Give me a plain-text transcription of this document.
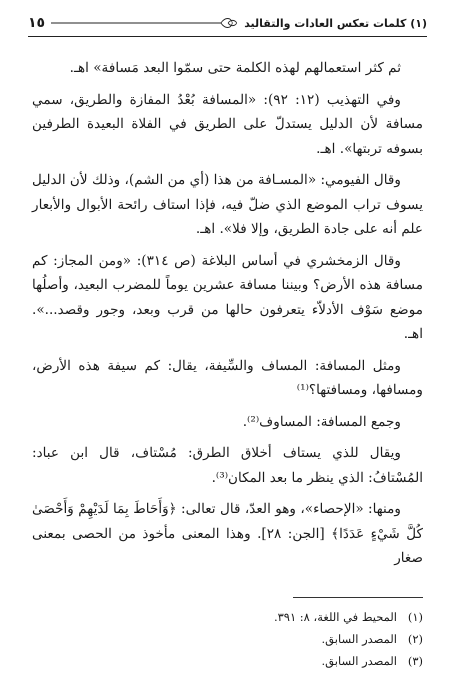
(١) كلمات تعكس العادات والتقاليد
١٥

ثم كثر استعمالهم لهذه الكلمة حتى سمّوا البعد مَسافة» اهـ.

وفي التهذيب (١٢: ٩٢): «المسافة بُعْدُ المفازة والطريق، سمي مسافة لأن الدليل يستدلّ على الطريق في الفلاة البعيدة الطرفين بسوفه تربتها». اهـ.

وقال الفيومي: «المسـافة من هذا (أي من الشم)، وذلك لأن الدليل يسوف تراب الموضع الذي ضلّ فيه، فإذا استاف رائحة الأبوال والأبعار علم أنه على جادة الطريق، وإلا فلا». اهـ.

وقال الزمخشري في أساس البلاغة (ص ٣١٤): «ومن المجاز: كم مسافة هذه الأرض؟ وبيننا مسافة عشرين يوماً للمضرب البعيد، وأصلُها موضع سَوْف الأدلاّء يتعرفون حالها من قرب وبعد، وجور وقصد...». اهـ.

ومثل المسافة: المساف والسِّيفة، يقال: كم سيفة هذه الأرض، ومسافها، ومسافتها؟⁽¹⁾

وجمع المسافة: المساوف⁽²⁾.

ويقال للذي يستاف أخلاق الطرق: مُسْتاف، قال ابن عباد: المُسْتافُ: الذي ينظر ما بعد المكان⁽³⁾.

ومنها: «الإحصاء»، وهو العدّ، قال تعالى: ﴿وَأَحَاطَ بِمَا لَدَيْهِمْ وَأَحْصَىٰ كُلَّ شَيْءٍ عَدَدًا﴾ [الجن: ٢٨]. وهذا المعنى مأخوذ من الحصى بمعنى صغار

(١)
المحيط في اللغة، ٨: ٣٩١.
(٢)
المصدر السابق.
(٣)
المصدر السابق.
